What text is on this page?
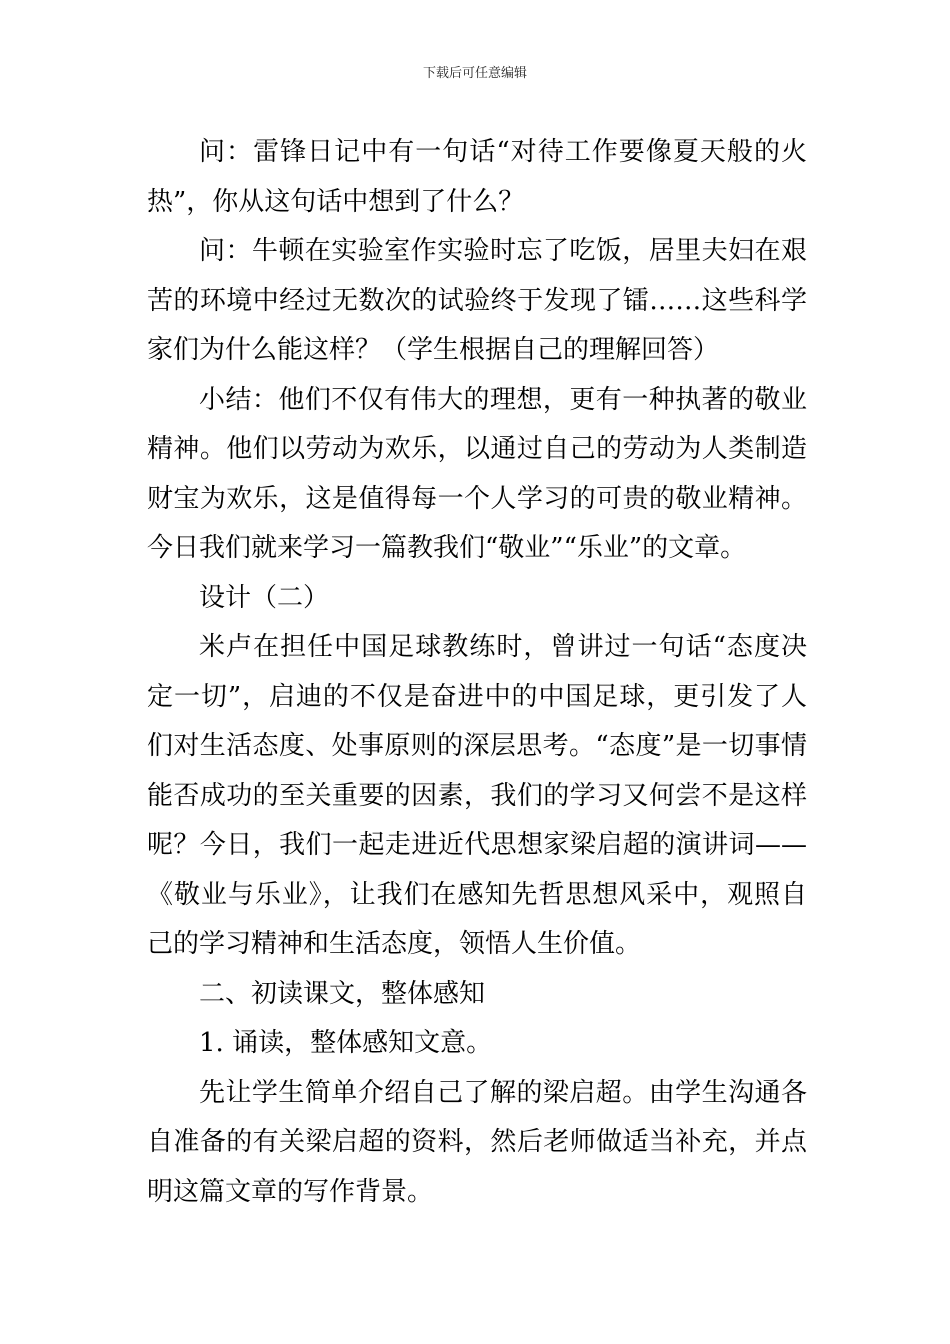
下载后可任意编辑

问：雷锋日记中有一句话“对待工作要像夏天般的火热”，你从这句话中想到了什么？

问：牛顿在实验室作实验时忘了吃饭，居里夫妇在艰苦的环境中经过无数次的试验终于发现了镭……这些科学家们为什么能这样？（学生根据自己的理解回答）

小结：他们不仅有伟大的理想，更有一种执著的敬业精神。他们以劳动为欢乐，以通过自己的劳动为人类制造财宝为欢乐，这是值得每一个人学习的可贵的敬业精神。今日我们就来学习一篇教我们“敬业”“乐业”的文章。

设计（二）

米卢在担任中国足球教练时，曾讲过一句话“态度决定一切”，启迪的不仅是奋进中的中国足球，更引发了人们对生活态度、处事原则的深层思考。“态度”是一切事情能否成功的至关重要的因素，我们的学习又何尝不是这样呢？今日，我们一起走进近代思想家梁启超的演讲词——《敬业与乐业》，让我们在感知先哲思想风采中，观照自己的学习精神和生活态度，领悟人生价值。

二、初读课文，整体感知

1. 诵读，整体感知文意。

先让学生简单介绍自己了解的梁启超。由学生沟通各自准备的有关梁启超的资料，然后老师做适当补充，并点明这篇文章的写作背景。
